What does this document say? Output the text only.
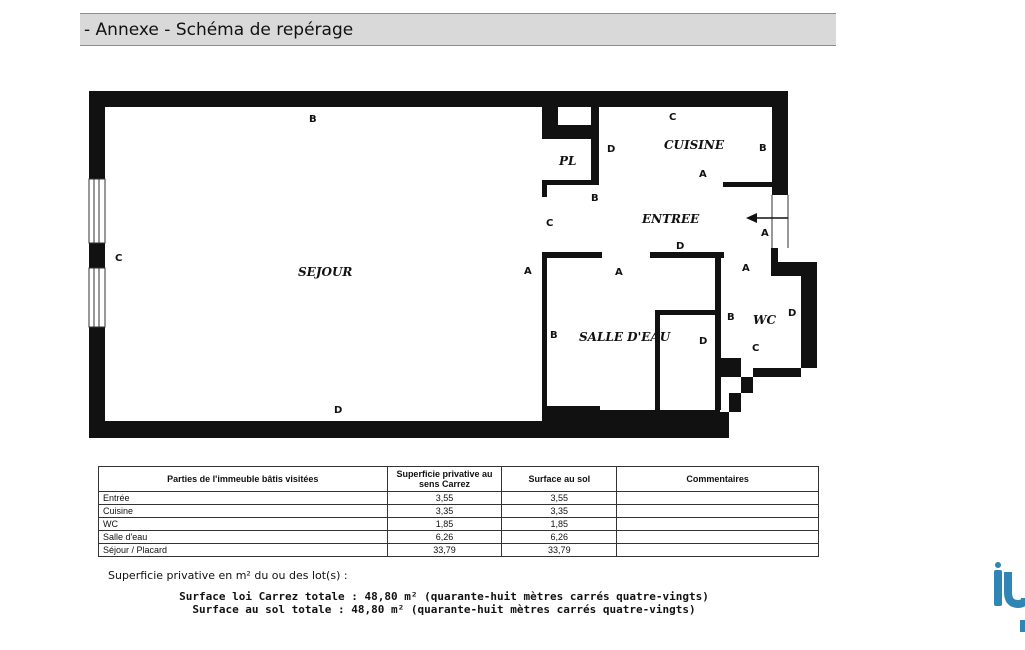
- Annexe - Schéma de repérage
SEJOUR
PL
CUISINE
ENTREE
SALLE D'EAU
WC
B
C
D
A
C
D	B
A
B
C
A
D
A
B
D
C
A
B	D
C
Parties de l'immeuble bâtis visitées	Superficie privative au sens Carrez	Surface au sol	Commentaires
Entrée	3,55	3,55	
Cuisine	3,35	3,35	
WC	1,85	1,85	
Salle d'eau	6,26	6,26	
Séjour / Placard	33,79	33,79	
Superficie privative en m² du ou des lot(s) :
Surface loi Carrez totale : 48,80 m² (quarante-huit mètres carrés quatre-vingts)
Surface au sol totale : 48,80 m² (quarante-huit mètres carrés quatre-vingts)
